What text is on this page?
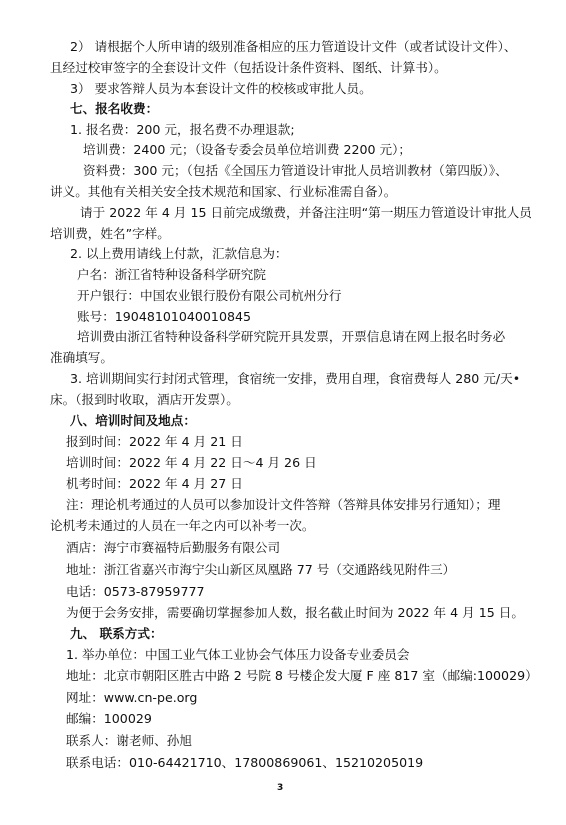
2） 请根据个人所申请的级别准备相应的压力管道设计文件（或者试设计文件）、
且经过校审签字的全套设计文件（包括设计条件资料、图纸、计算书）。
3） 要求答辩人员为本套设计文件的校核或审批人员。
七、报名收费：
1. 报名费：200 元，报名费不办理退款;
培训费：2400 元；（设备专委会员单位培训费 2200 元）；
资料费：300 元；（包括《全国压力管道设计审批人员培训教材（第四版）》、
讲义。其他有关相关安全技术规范和国家、行业标准需自备）。
请于 2022 年 4 月 15 日前完成缴费，并备注注明“第一期压力管道设计审批人员
培训费，姓名”字样。
2. 以上费用请线上付款，汇款信息为：
户名：浙江省特种设备科学研究院
开户银行：中国农业银行股份有限公司杭州分行
账号：19048101040010845
培训费由浙江省特种设备科学研究院开具发票，开票信息请在网上报名时务必
准确填写。
3. 培训期间实行封闭式管理，食宿统一安排，费用自理，食宿费每人 280 元/天•
床。（报到时收取，酒店开发票）。
八、培训时间及地点：
报到时间：2022 年 4 月 21 日
培训时间：2022 年 4 月 22 日～4 月 26 日
机考时间：2022 年 4 月 27 日
注：理论机考通过的人员可以参加设计文件答辩（答辩具体安排另行通知）；理
论机考未通过的人员在一年之内可以补考一次。
酒店：海宁市赛福特后勤服务有限公司
地址：浙江省嘉兴市海宁尖山新区凤凰路 77 号（交通路线见附件三）
电话：0573-87959777
为便于会务安排，需要确切掌握参加人数，报名截止时间为 2022 年 4 月 15 日。
九、 联系方式：
1. 举办单位：中国工业气体工业协会气体压力设备专业委员会
地址：北京市朝阳区胜古中路 2 号院 8 号楼企发大厦 F 座 817 室（邮编:100029）
网址：www.cn-pe.org
邮编：100029
联系人：谢老师、孙旭
联系电话：010-64421710、17800869061、15210205019
3
